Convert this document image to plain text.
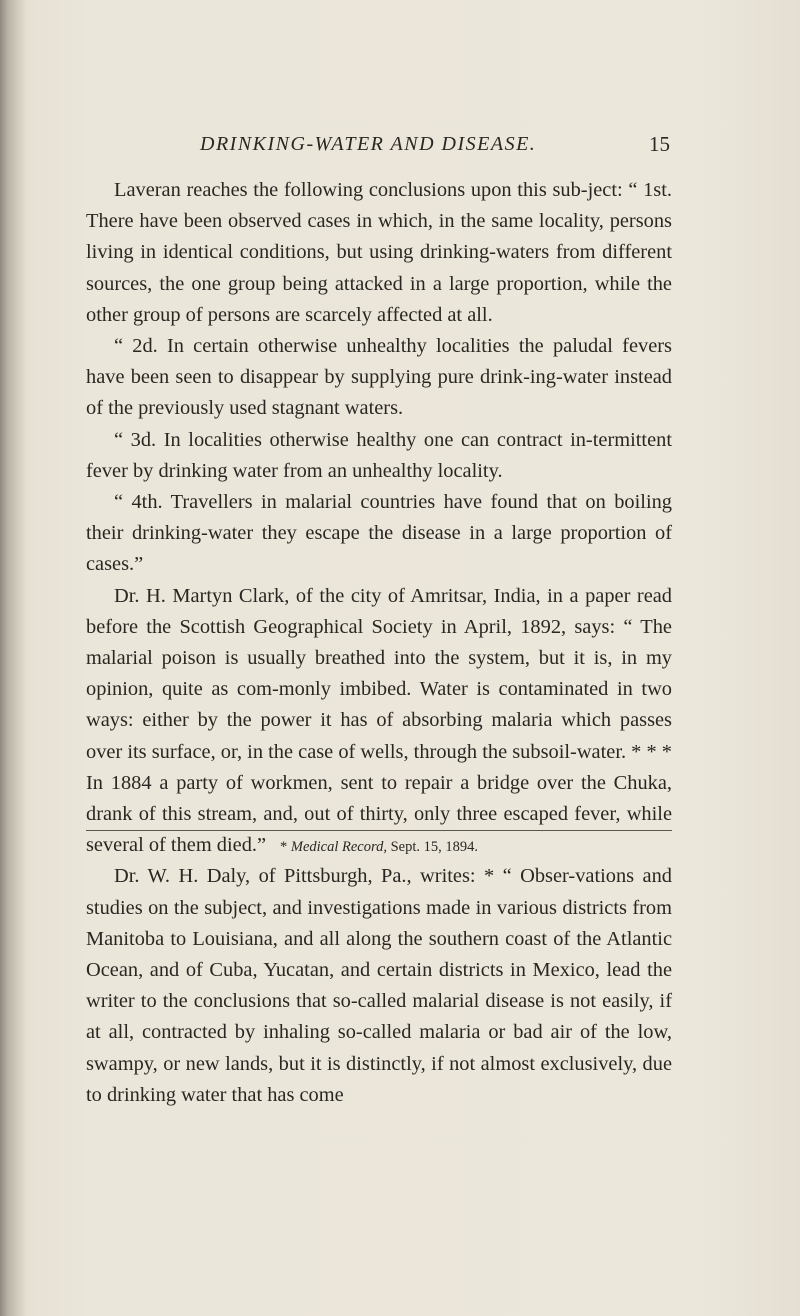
DRINKING-WATER AND DISEASE.	15

Laveran reaches the following conclusions upon this sub-ject: “ 1st. There have been observed cases in which, in the same locality, persons living in identical conditions, but using drinking-waters from different sources, the one group being attacked in a large proportion, while the other group of persons are scarcely affected at all.

“ 2d. In certain otherwise unhealthy localities the paludal fevers have been seen to disappear by supplying pure drink-ing-water instead of the previously used stagnant waters.

“ 3d. In localities otherwise healthy one can contract in-termittent fever by drinking water from an unhealthy locality.

“ 4th. Travellers in malarial countries have found that on boiling their drinking-water they escape the disease in a large proportion of cases.”

Dr. H. Martyn Clark, of the city of Amritsar, India, in a paper read before the Scottish Geographical Society in April, 1892, says: “ The malarial poison is usually breathed into the system, but it is, in my opinion, quite as com-monly imbibed. Water is contaminated in two ways: either by the power it has of absorbing malaria which passes over its surface, or, in the case of wells, through the subsoil-water. * * * In 1884 a party of workmen, sent to repair a bridge over the Chuka, drank of this stream, and, out of thirty, only three escaped fever, while several of them died.”

Dr. W. H. Daly, of Pittsburgh, Pa., writes: * “ Obser-vations and studies on the subject, and investigations made in various districts from Manitoba to Louisiana, and all along the southern coast of the Atlantic Ocean, and of Cuba, Yucatan, and certain districts in Mexico, lead the writer to the conclusions that so-called malarial disease is not easily, if at all, contracted by inhaling so-called malaria or bad air of the low, swampy, or new lands, but it is distinctly, if not almost exclusively, due to drinking water that has come

* Medical Record, Sept. 15, 1894.
